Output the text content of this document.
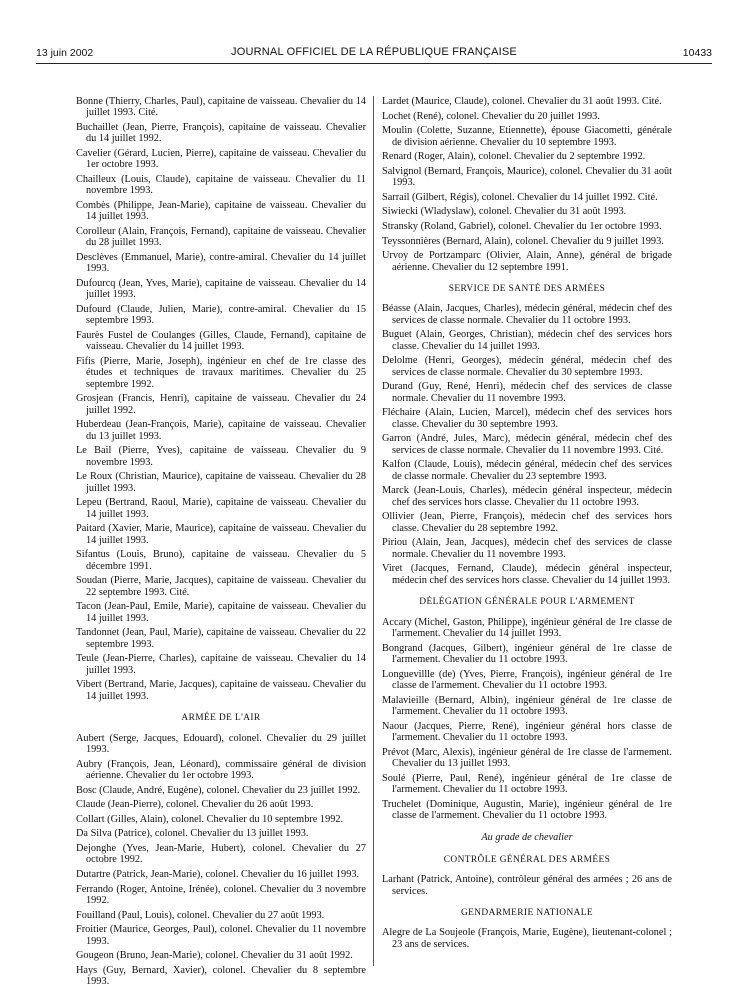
13 juin 2002	JOURNAL OFFICIEL DE LA RÉPUBLIQUE FRANÇAISE	10433
Bonne (Thierry, Charles, Paul), capitaine de vaisseau. Chevalier du 14 juillet 1993. Cité.
Buchaillet (Jean, Pierre, François), capitaine de vaisseau. Chevalier du 14 juillet 1992.
Cavelier (Gérard, Lucien, Pierre), capitaine de vaisseau. Chevalier du 1er octobre 1993.
Chailleux (Louis, Claude), capitaine de vaisseau. Chevalier du 11 novembre 1993.
Combès (Philippe, Jean-Marie), capitaine de vaisseau. Chevalier du 14 juillet 1993.
Corolleur (Alain, François, Fernand), capitaine de vaisseau. Chevalier du 28 juillet 1993.
Desclèves (Emmanuel, Marie), contre-amiral. Chevalier du 14 juillet 1993.
Dufourcq (Jean, Yves, Marie), capitaine de vaisseau. Chevalier du 14 juillet 1993.
Dufourd (Claude, Julien, Marie), contre-amiral. Chevalier du 15 septembre 1993.
Faurès Fustel de Coulanges (Gilles, Claude, Fernand), capitaine de vaisseau. Chevalier du 14 juillet 1993.
Fifis (Pierre, Marie, Joseph), ingénieur en chef de 1re classe des études et techniques de travaux maritimes. Chevalier du 25 septembre 1992.
Grosjean (Francis, Henri), capitaine de vaisseau. Chevalier du 24 juillet 1992.
Huberdeau (Jean-François, Marie), capitaine de vaisseau. Chevalier du 13 juillet 1993.
Le Bail (Pierre, Yves), capitaine de vaisseau. Chevalier du 9 novembre 1993.
Le Roux (Christian, Maurice), capitaine de vaisseau. Chevalier du 28 juillet 1993.
Lepeu (Bertrand, Raoul, Marie), capitaine de vaisseau. Chevalier du 14 juillet 1993.
Paitard (Xavier, Marie, Maurice), capitaine de vaisseau. Chevalier du 14 juillet 1993.
Sifantus (Louis, Bruno), capitaine de vaisseau. Chevalier du 5 décembre 1991.
Soudan (Pierre, Marie, Jacques), capitaine de vaisseau. Chevalier du 22 septembre 1993. Cité.
Tacon (Jean-Paul, Emile, Marie), capitaine de vaisseau. Chevalier du 14 juillet 1993.
Tandonnet (Jean, Paul, Marie), capitaine de vaisseau. Chevalier du 22 septembre 1993.
Teule (Jean-Pierre, Charles), capitaine de vaisseau. Chevalier du 14 juillet 1993.
Vibert (Bertrand, Marie, Jacques), capitaine de vaisseau. Chevalier du 14 juillet 1993.
ARMÉE DE L'AIR
Aubert (Serge, Jacques, Edouard), colonel. Chevalier du 29 juillet 1993.
Aubry (François, Jean, Léonard), commissaire général de division aérienne. Chevalier du 1er octobre 1993.
Bosc (Claude, André, Eugène), colonel. Chevalier du 23 juillet 1992.
Claude (Jean-Pierre), colonel. Chevalier du 26 août 1993.
Collart (Gilles, Alain), colonel. Chevalier du 10 septembre 1992.
Da Silva (Patrice), colonel. Chevalier du 13 juillet 1993.
Dejonghe (Yves, Jean-Marie, Hubert), colonel. Chevalier du 27 octobre 1992.
Dutartre (Patrick, Jean-Marie), colonel. Chevalier du 16 juillet 1993.
Ferrando (Roger, Antoine, Irénée), colonel. Chevalier du 3 novembre 1992.
Fouilland (Paul, Louis), colonel. Chevalier du 27 août 1993.
Froitier (Maurice, Georges, Paul), colonel. Chevalier du 11 novembre 1993.
Gougeon (Bruno, Jean-Marie), colonel. Chevalier du 31 août 1992.
Hays (Guy, Bernard, Xavier), colonel. Chevalier du 8 septembre 1993.
Lardet (Maurice, Claude), colonel. Chevalier du 31 août 1993. Cité.
Lochet (René), colonel. Chevalier du 20 juillet 1993.
Moulin (Colette, Suzanne, Etiennette), épouse Giacometti, générale de division aérienne. Chevalier du 10 septembre 1993.
Renard (Roger, Alain), colonel. Chevalier du 2 septembre 1992.
Salvignol (Bernard, François, Maurice), colonel. Chevalier du 31 août 1993.
Sarrail (Gilbert, Régis), colonel. Chevalier du 14 juillet 1992. Cité.
Siwiecki (Wladyslaw), colonel. Chevalier du 31 août 1993.
Stransky (Roland, Gabriel), colonel. Chevalier du 1er octobre 1993.
Teyssonnières (Bernard, Alain), colonel. Chevalier du 9 juillet 1993.
Urvoy de Portzamparc (Olivier, Alain, Anne), général de brigade aérienne. Chevalier du 12 septembre 1991.
SERVICE DE SANTÉ DES ARMÉES
Béasse (Alain, Jacques, Charles), médecin général, médecin chef des services de classe normale. Chevalier du 11 octobre 1993.
Buguet (Alain, Georges, Christian), médecin chef des services hors classe. Chevalier du 14 juillet 1993.
Delolme (Henri, Georges), médecin général, médecin chef des services de classe normale. Chevalier du 30 septembre 1993.
Durand (Guy, René, Henri), médecin chef des services de classe normale. Chevalier du 11 novembre 1993.
Fléchaire (Alain, Lucien, Marcel), médecin chef des services hors classe. Chevalier du 30 septembre 1993.
Garron (André, Jules, Marc), médecin général, médecin chef des services de classe normale. Chevalier du 11 novembre 1993. Cité.
Kalfon (Claude, Louis), médecin général, médecin chef des services de classe normale. Chevalier du 23 septembre 1993.
Marck (Jean-Louis, Charles), médecin général inspecteur, médecin chef des services hors classe. Chevalier du 11 octobre 1993.
Ollivier (Jean, Pierre, François), médecin chef des services hors classe. Chevalier du 28 septembre 1992.
Piriou (Alain, Jean, Jacques), médecin chef des services de classe normale. Chevalier du 11 novembre 1993.
Viret (Jacques, Fernand, Claude), médecin général inspecteur, médecin chef des services hors classe. Chevalier du 14 juillet 1993.
DÉLÉGATION GÉNÉRALE POUR L'ARMEMENT
Accary (Michel, Gaston, Philippe), ingénieur général de 1re classe de l'armement. Chevalier du 14 juillet 1993.
Bongrand (Jacques, Gilbert), ingénieur général de 1re classe de l'armement. Chevalier du 11 octobre 1993.
Longuevillle (de) (Yves, Pierre, François), ingénieur général de 1re classe de l'armement. Chevalier du 11 octobre 1993.
Malavieille (Bernard, Albin), ingénieur général de 1re classe de l'armement. Chevalier du 11 octobre 1993.
Naour (Jacques, Pierre, René), ingénieur général hors classe de l'armement. Chevalier du 11 octobre 1993.
Prévot (Marc, Alexis), ingénieur général de 1re classe de l'armement. Chevalier du 13 juillet 1993.
Soulé (Pierre, Paul, René), ingénieur général de 1re classe de l'armement. Chevalier du 11 octobre 1993.
Truchelet (Dominique, Augustin, Marie), ingénieur général de 1re classe de l'armement. Chevalier du 11 octobre 1993.
Au grade de chevalier
CONTRÔLE GÉNÉRAL DES ARMÉES
Larhant (Patrick, Antoine), contrôleur général des armées ; 26 ans de services.
GENDARMERIE NATIONALE
Alegre de La Soujeole (François, Marie, Eugène), lieutenant-colonel ; 23 ans de services.
